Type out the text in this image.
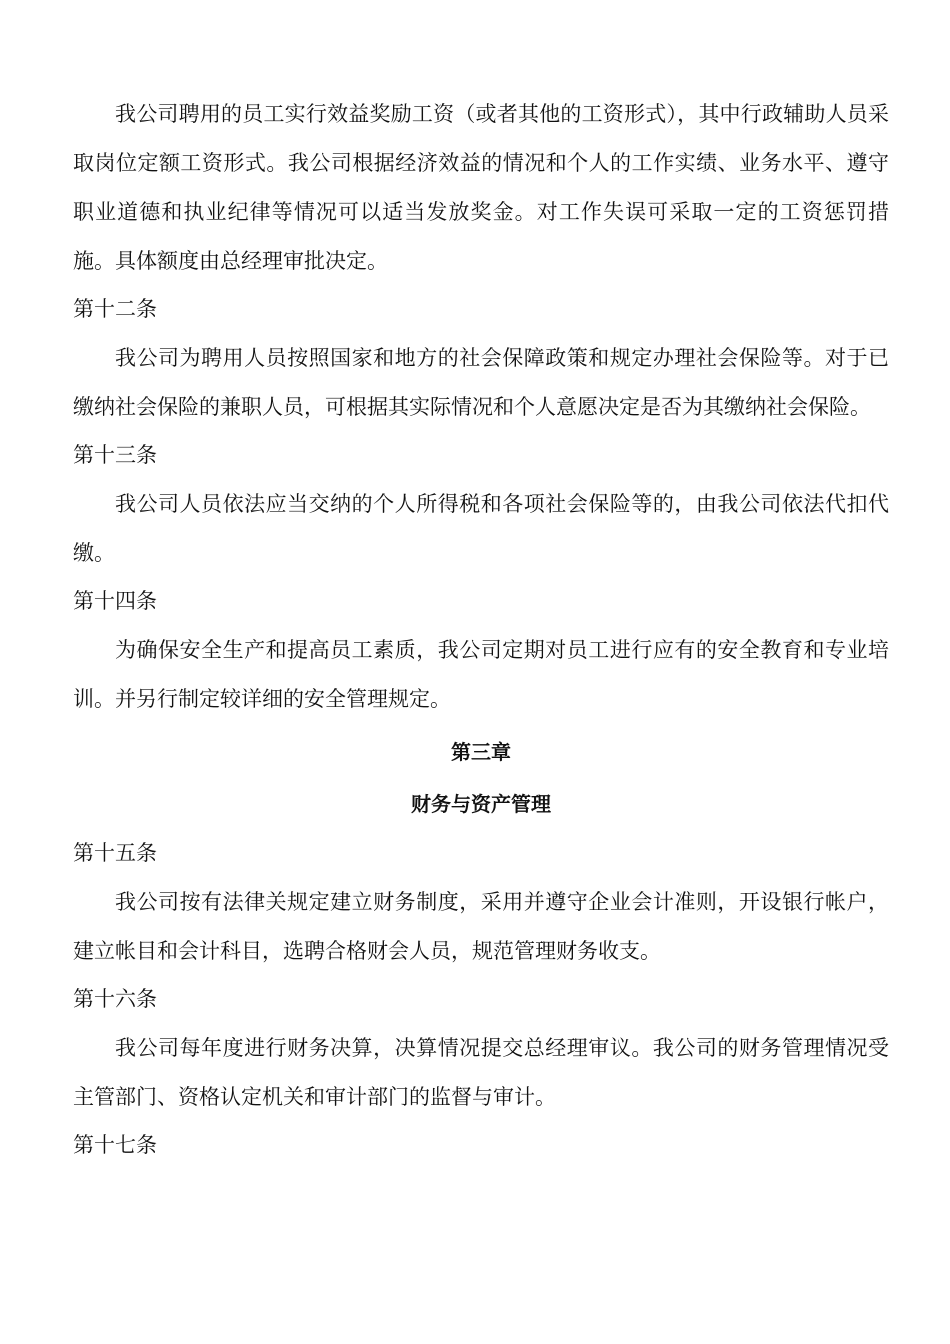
我公司聘用的员工实行效益奖励工资（或者其他的工资形式），其中行政辅助人员采取岗位定额工资形式。我公司根据经济效益的情况和个人的工作实绩、业务水平、遵守职业道德和执业纪律等情况可以适当发放奖金。对工作失误可采取一定的工资惩罚措施。具体额度由总经理审批决定。

第十二条

我公司为聘用人员按照国家和地方的社会保障政策和规定办理社会保险等。对于已缴纳社会保险的兼职人员，可根据其实际情况和个人意愿决定是否为其缴纳社会保险。

第十三条

我公司人员依法应当交纳的个人所得税和各项社会保险等的，由我公司依法代扣代缴。

第十四条

为确保安全生产和提高员工素质，我公司定期对员工进行应有的安全教育和专业培训。并另行制定较详细的安全管理规定。

第三章

财务与资产管理

第十五条

我公司按有法律关规定建立财务制度，采用并遵守企业会计准则，开设银行帐户，建立帐目和会计科目，选聘合格财会人员，规范管理财务收支。

第十六条

我公司每年度进行财务决算，决算情况提交总经理审议。我公司的财务管理情况受主管部门、资格认定机关和审计部门的监督与审计。

第十七条
